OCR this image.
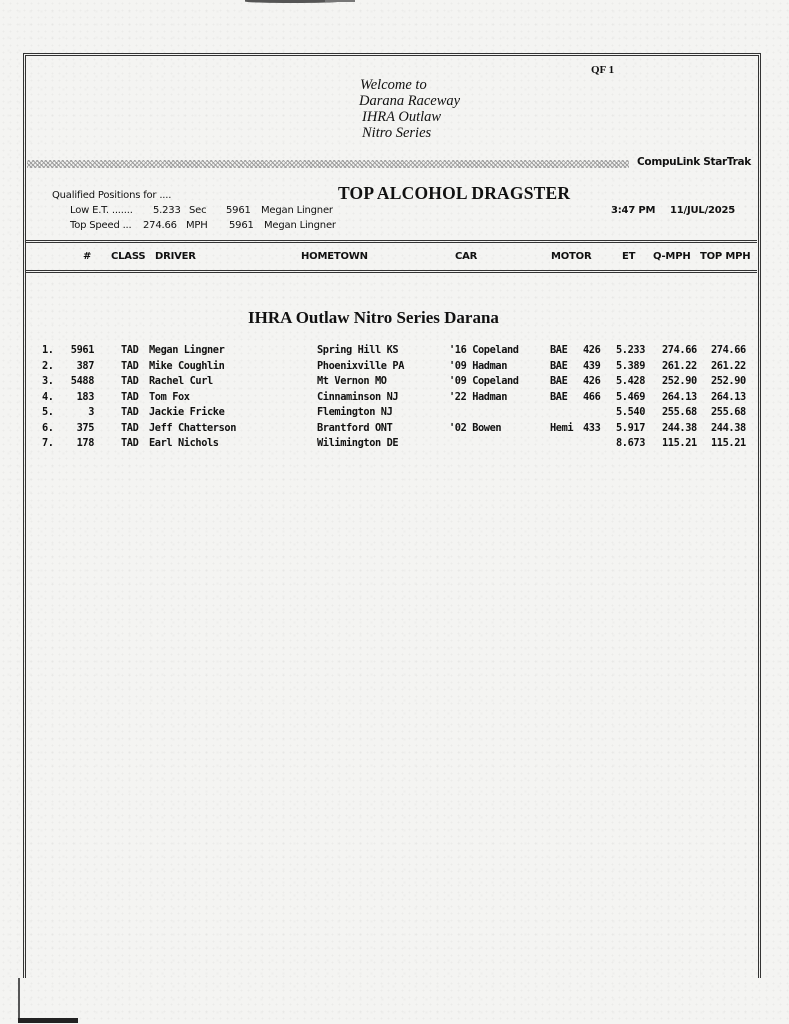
QF 1
Welcome to
Darana Raceway
IHRA Outlaw
Nitro Series
CompuLink StarTrak
Qualified Positions for ....
Low E.T. ....... 5.233 Sec 5961 Megan Lingner
Top Speed ... 274.66 MPH 5961 Megan Lingner
TOP ALCOHOL DRAGSTER
3:47 PM 11/JUL/2025
# CLASS DRIVER	HOMETOWN	CAR	MOTOR	ET Q-MPH TOP MPH
IHRA Outlaw Nitro Series Darana
1.	5961	TAD Megan Lingner	Spring Hill KS	'16 Copeland	BAE 426 5.233 274.66 274.66
2.	387	TAD Mike Coughlin	Phoenixville PA	'09 Hadman	BAE 439 5.389 261.22 261.22
3.	5488	TAD Rachel Curl	Mt Vernon MO	'09 Copeland	BAE 426 5.428 252.90 252.90
4.	183	TAD Tom Fox	Cinnaminson NJ	'22 Hadman	BAE 466 5.469 264.13 264.13
5.	3	TAD Jackie Fricke	Flemington NJ	5.540 255.68 255.68
6.	375	TAD Jeff Chatterson	Brantford ONT	'02 Bowen	Hemi 433 5.917 244.38 244.38
7.	178	TAD Earl Nichols	Wilimington DE	8.673 115.21 115.21
